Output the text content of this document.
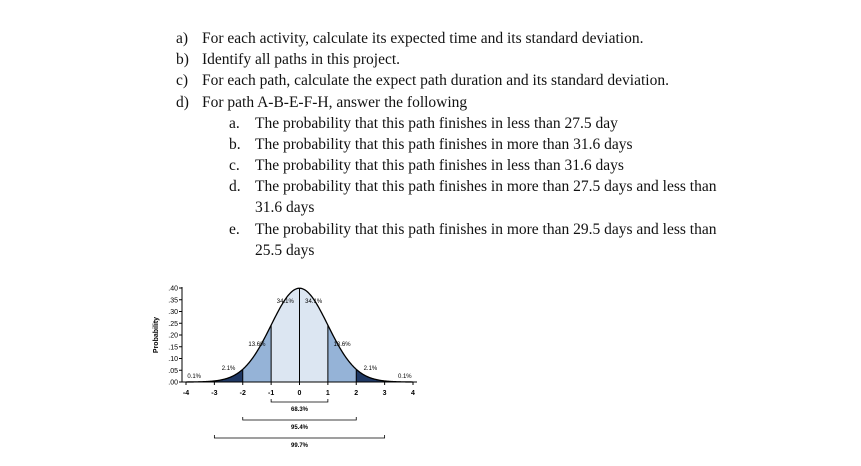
a) For each activity, calculate its expected time and its standard deviation.
b) Identify all paths in this project.
c) For each path, calculate the expect path duration and its standard deviation.
d) For path A-B-E-F-H, answer the following
a. The probability that this path finishes in less than 27.5 day
b. The probability that this path finishes in more than 31.6 days
c. The probability that this path finishes in less than 31.6 days
d. The probability that this path finishes in more than 27.5 days and less than 31.6 days
e. The probability that this path finishes in more than 29.5 days and less than 25.5 days
.40
.35
.30
.25
.20
.15
.10
.05
.00
-4	-3	-2	-1	0	1	2	3	4
Probability
0.1%
2.1%
13.6%
34.1% 34.1%
13.6%
2.1%
0.1%
68.3%
95.4%
99.7%
